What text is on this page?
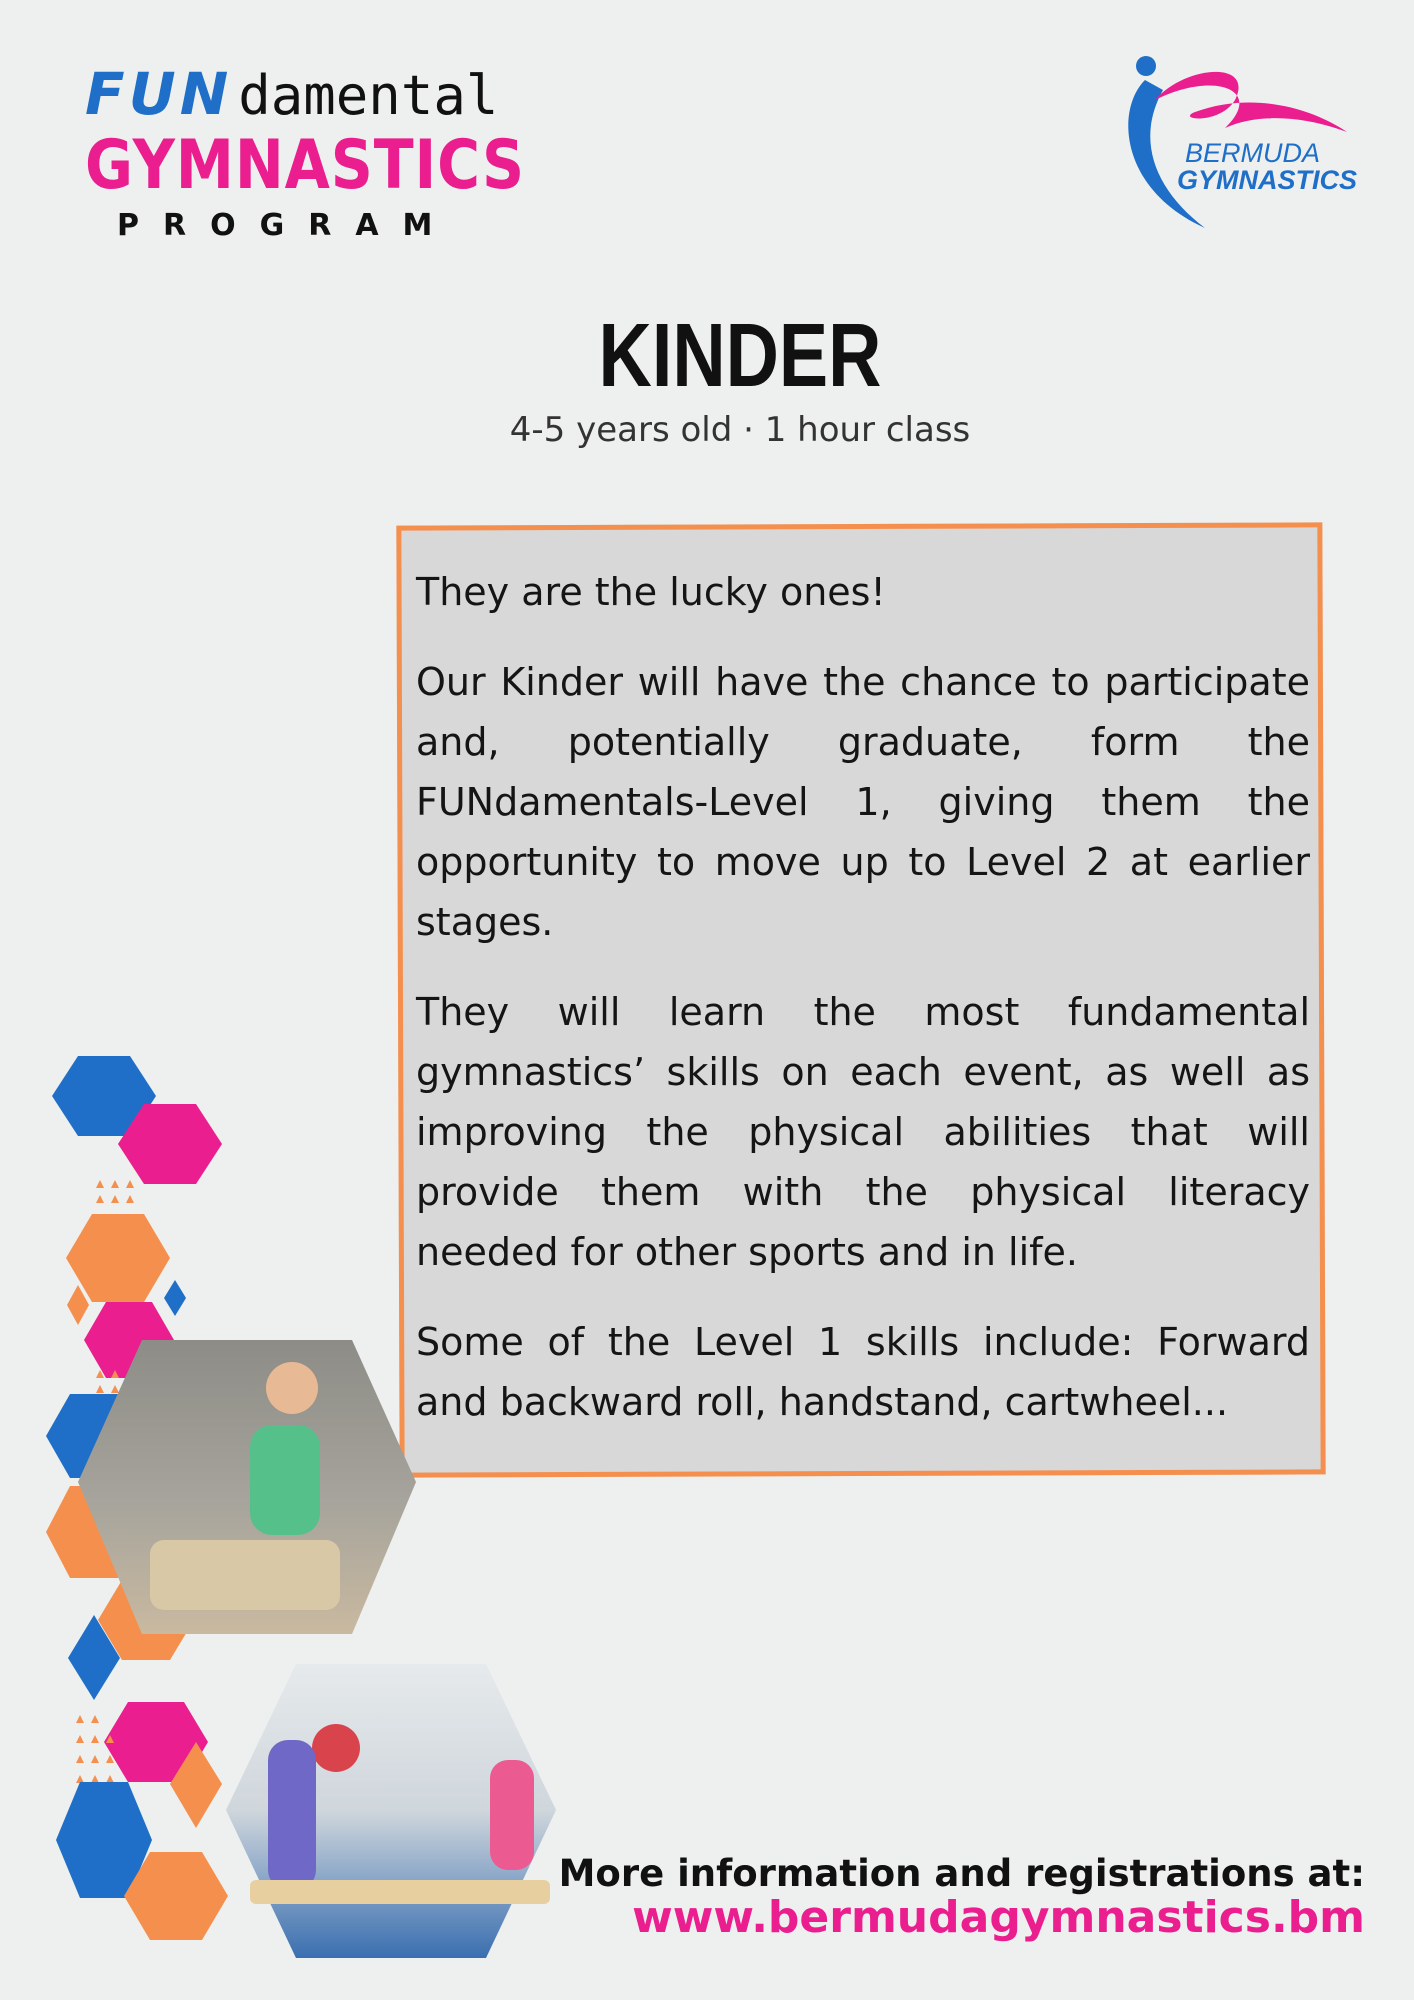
FUN damental
GYMNASTICS
PROGRAM
BERMUDA
GYMNASTICS
KINDER
4-5 years old · 1 hour class

They are the lucky ones!

Our Kinder will have the chance to participate and, potentially graduate, form the FUNdamentals-Level 1, giving them the opportunity to move up to Level 2 at earlier stages.

They will learn the most fundamental gymnastics’ skills on each event, as well as improving the physical abilities that will provide them with the physical literacy needed for other sports and in life.

Some of the Level 1 skills include: Forward and backward roll, handstand, cartwheel...

More information and registrations at:
www.bermudagymnastics.bm
